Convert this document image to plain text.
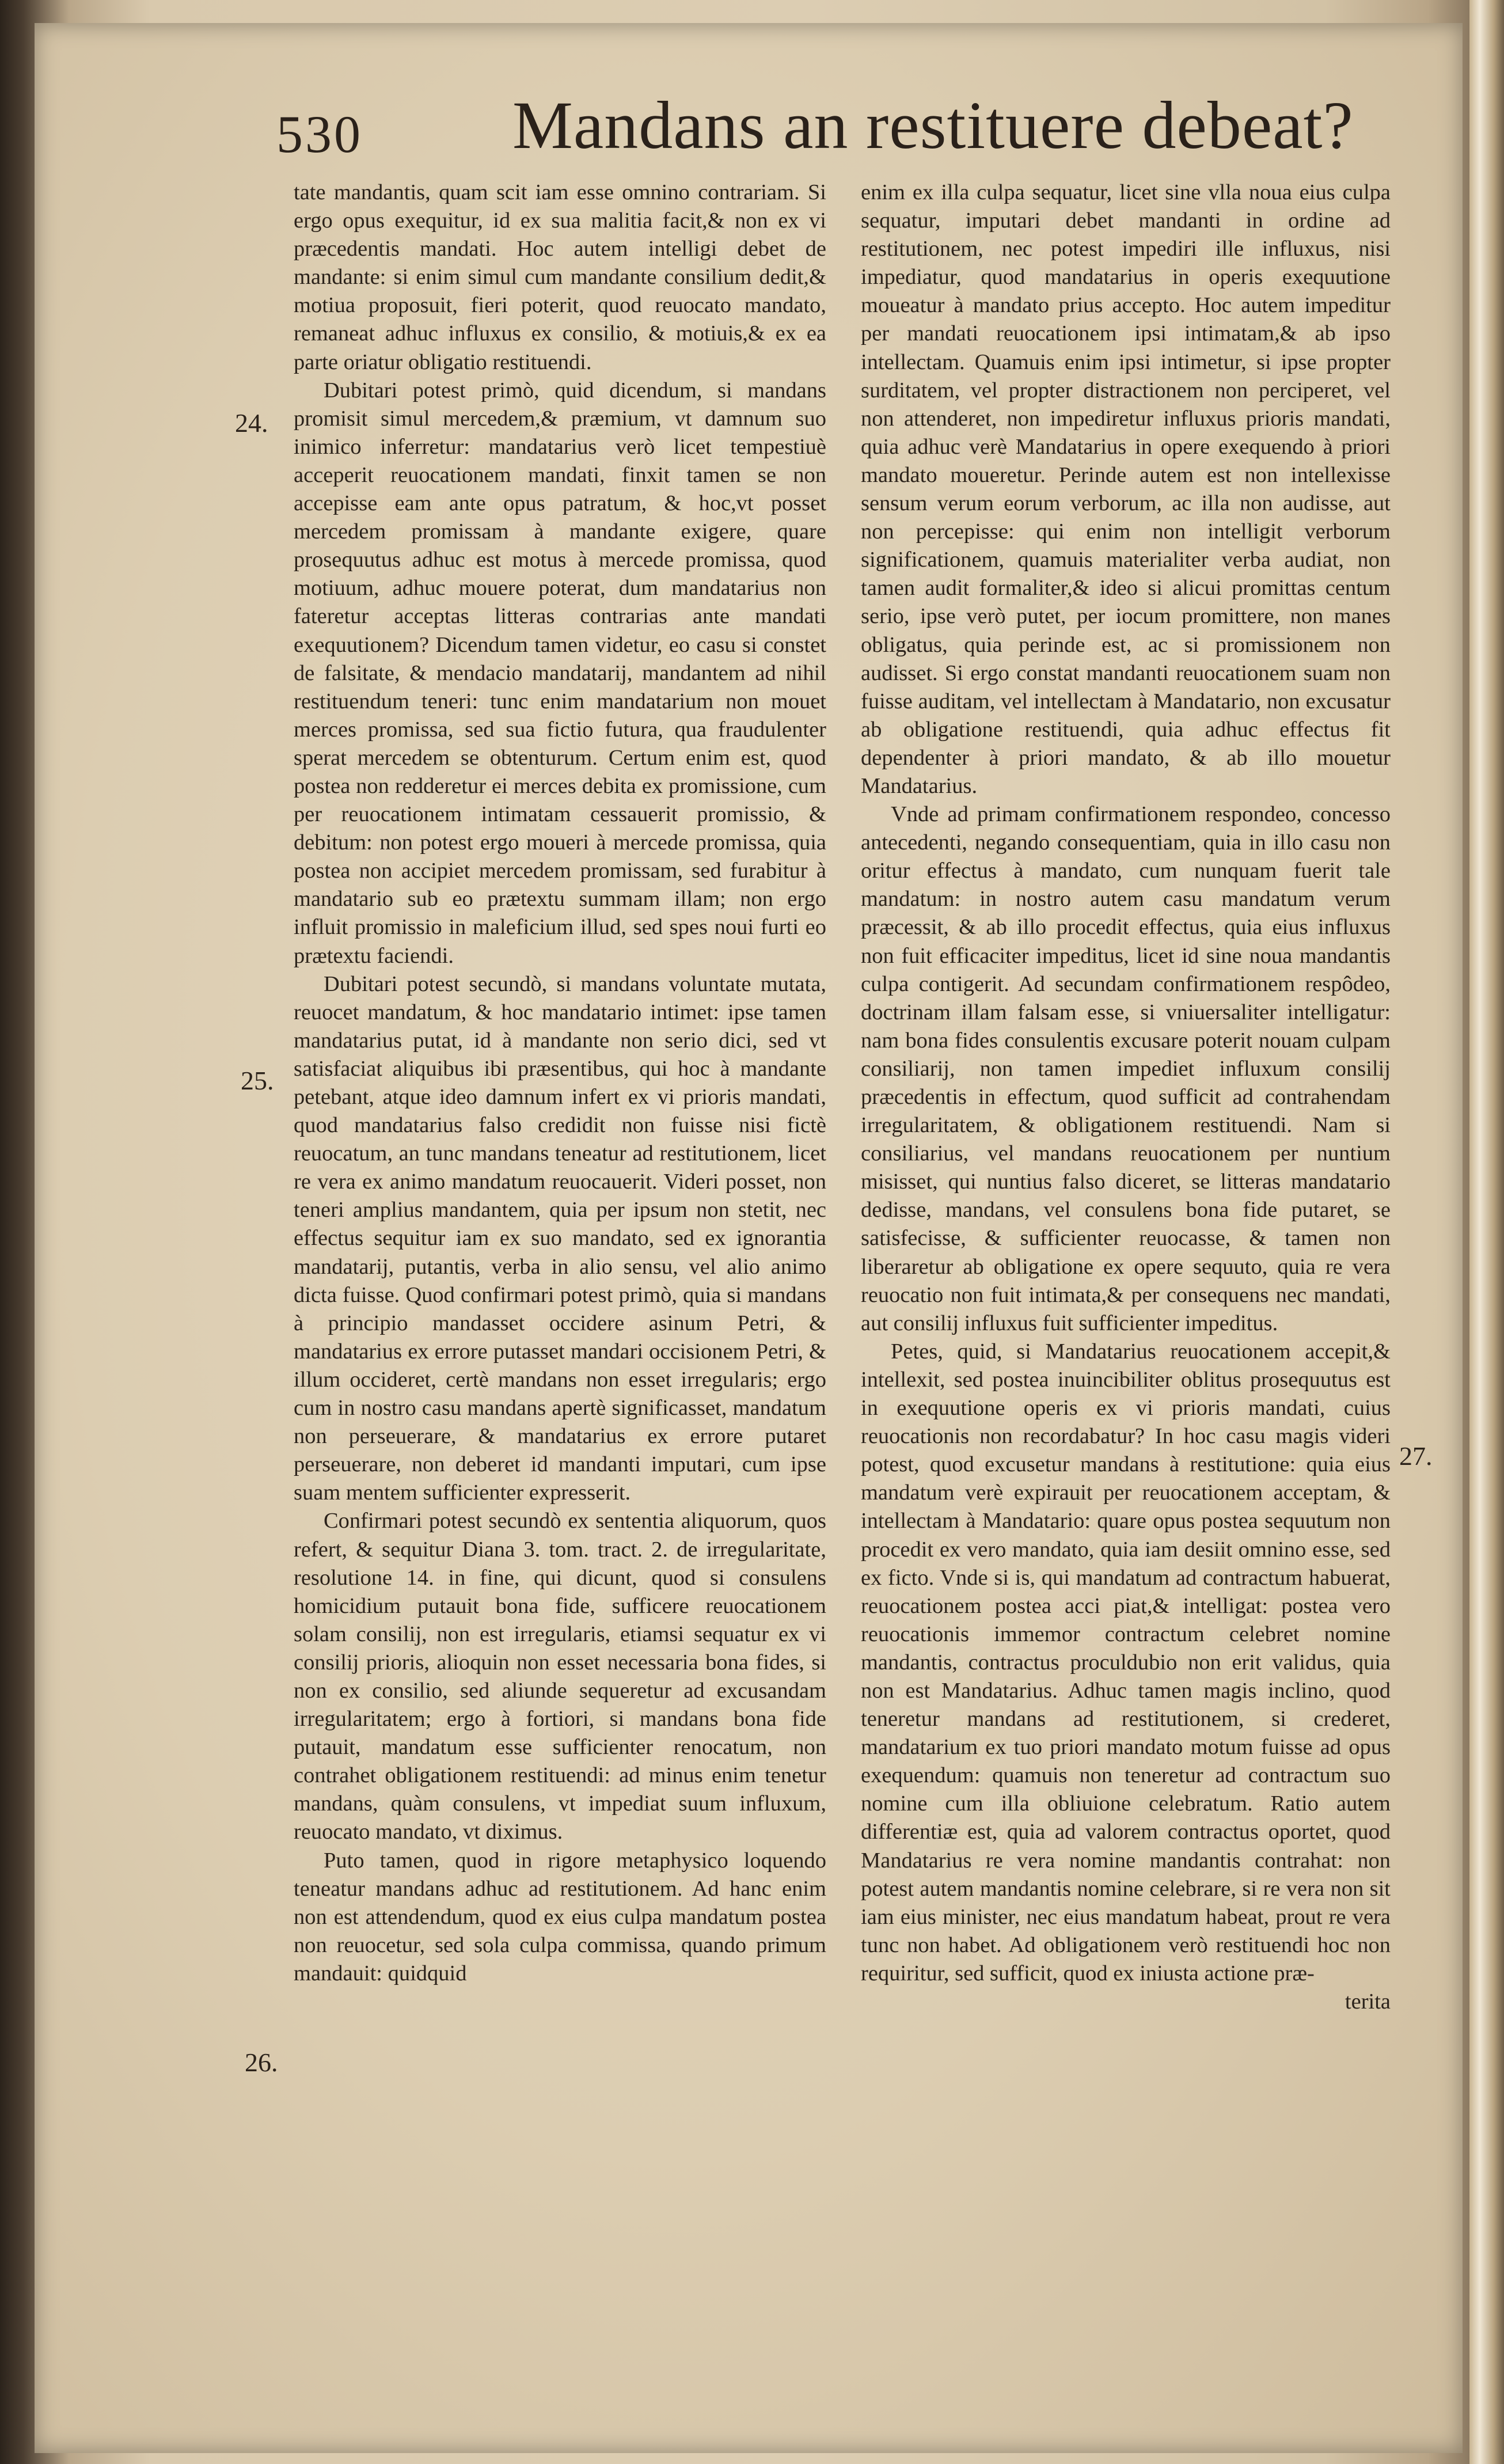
530 Mandans an restituere debeat?
24.
25.
26.
27.

tate mandantis, quam scit iam esse omnino contrariam. Si ergo opus exequitur, id ex sua malitia facit,& non ex vi præcedentis mandati. Hoc autem intelligi debet de mandante: si enim simul cum mandante consilium dedit,& motiua proposuit, fieri poterit, quod reuocato mandato, remaneat adhuc influxus ex consilio, & motiuis,& ex ea parte oriatur obligatio restituendi.

Dubitari potest primò, quid dicendum, si mandans promisit simul mercedem,& præmium, vt damnum suo inimico inferretur: mandatarius verò licet tempestiuè acceperit reuocationem mandati, finxit tamen se non accepisse eam ante opus patratum, & hoc,vt posset mercedem promissam à mandante exigere, quare prosequutus adhuc est motus à mercede promissa, quod motiuum, adhuc mouere poterat, dum mandatarius non fateretur acceptas litteras contrarias ante mandati exequutionem? Dicendum tamen videtur, eo casu si constet de falsitate, & mendacio mandatarij, mandantem ad nihil restituendum teneri: tunc enim mandatarium non mouet merces promissa, sed sua fictio futura, qua fraudulenter sperat mercedem se obtenturum. Certum enim est, quod postea non redderetur ei merces debita ex promissione, cum per reuocationem intimatam cessauerit promissio, & debitum: non potest ergo moueri à mercede promissa, quia postea non accipiet mercedem promissam, sed furabitur à mandatario sub eo prætextu summam illam; non ergo influit promissio in maleficium illud, sed spes noui furti eo prætextu faciendi.

Dubitari potest secundò, si mandans voluntate mutata, reuocet mandatum, & hoc mandatario intimet: ipse tamen mandatarius putat, id à mandante non serio dici, sed vt satisfaciat aliquibus ibi præsentibus, qui hoc à mandante petebant, atque ideo damnum infert ex vi prioris mandati, quod mandatarius falso credidit non fuisse nisi fictè reuocatum, an tunc mandans teneatur ad restitutionem, licet re vera ex animo mandatum reuocauerit. Videri posset, non teneri amplius mandantem, quia per ipsum non stetit, nec effectus sequitur iam ex suo mandato, sed ex ignorantia mandatarij, putantis, verba in alio sensu, vel alio animo dicta fuisse. Quod confirmari potest primò, quia si mandans à principio mandasset occidere asinum Petri, & mandatarius ex errore putasset mandari occisionem Petri, & illum occideret, certè mandans non esset irregularis; ergo cum in nostro casu mandans apertè significasset, mandatum non perseuerare, & mandatarius ex errore putaret perseuerare, non deberet id mandanti imputari, cum ipse suam mentem sufficienter expresserit.

Confirmari potest secundò ex sententia aliquorum, quos refert, & sequitur Diana 3. tom. tract. 2. de irregularitate, resolutione 14. in fine, qui dicunt, quod si consulens homicidium putauit bona fide, sufficere reuocationem solam consilij, non est irregularis, etiamsi sequatur ex vi consilij prioris, alioquin non esset necessaria bona fides, si non ex consilio, sed aliunde sequeretur ad excusandam irregularitatem; ergo à fortiori, si mandans bona fide putauit, mandatum esse sufficienter renocatum, non contrahet obligationem restituendi: ad minus enim tenetur mandans, quàm consulens, vt impediat suum influxum, reuocato mandato, vt diximus.

Puto tamen, quod in rigore metaphysico loquendo teneatur mandans adhuc ad restitutionem. Ad hanc enim non est attendendum, quod ex eius culpa mandatum postea non reuocetur, sed sola culpa commissa, quando primum mandauit: quidquid

enim ex illa culpa sequatur, licet sine vlla noua eius culpa sequatur, imputari debet mandanti in ordine ad restitutionem, nec potest impediri ille influxus, nisi impediatur, quod mandatarius in operis exequutione moueatur à mandato prius accepto. Hoc autem impeditur per mandati reuocationem ipsi intimatam,& ab ipso intellectam. Quamuis enim ipsi intimetur, si ipse propter surditatem, vel propter distractionem non perciperet, vel non attenderet, non impediretur influxus prioris mandati, quia adhuc verè Mandatarius in opere exequendo à priori mandato moueretur. Perinde autem est non intellexisse sensum verum eorum verborum, ac illa non audisse, aut non percepisse: qui enim non intelligit verborum significationem, quamuis materialiter verba audiat, non tamen audit formaliter,& ideo si alicui promittas centum serio, ipse verò putet, per iocum promittere, non manes obligatus, quia perinde est, ac si promissionem non audisset. Si ergo constat mandanti reuocationem suam non fuisse auditam, vel intellectam à Mandatario, non excusatur ab obligatione restituendi, quia adhuc effectus fit dependenter à priori mandato, & ab illo mouetur Mandatarius.

Vnde ad primam confirmationem respondeo, concesso antecedenti, negando consequentiam, quia in illo casu non oritur effectus à mandato, cum nunquam fuerit tale mandatum: in nostro autem casu mandatum verum præcessit, & ab illo procedit effectus, quia eius influxus non fuit efficaciter impeditus, licet id sine noua mandantis culpa contigerit. Ad secundam confirmationem respôdeo, doctrinam illam falsam esse, si vniuersaliter intelligatur: nam bona fides consulentis excusare poterit nouam culpam consiliarij, non tamen impediet influxum consilij præcedentis in effectum, quod sufficit ad contrahendam irregularitatem, & obligationem restituendi. Nam si consiliarius, vel mandans reuocationem per nuntium misisset, qui nuntius falso diceret, se litteras mandatario dedisse, mandans, vel consulens bona fide putaret, se satisfecisse, & sufficienter reuocasse, & tamen non liberaretur ab obligatione ex opere sequuto, quia re vera reuocatio non fuit intimata,& per consequens nec mandati, aut consilij influxus fuit sufficienter impeditus.

Petes, quid, si Mandatarius reuocationem accepit,& intellexit, sed postea inuincibiliter oblitus prosequutus est in exequutione operis ex vi prioris mandati, cuius reuocationis non recordabatur? In hoc casu magis videri potest, quod excusetur mandans à restitutione: quia eius mandatum verè expirauit per reuocationem acceptam, & intellectam à Mandatario: quare opus postea sequutum non procedit ex vero mandato, quia iam desiit omnino esse, sed ex ficto. Vnde si is, qui mandatum ad contractum habuerat, reuocationem postea acci piat,& intelligat: postea vero reuocationis immemor contractum celebret nomine mandantis, contractus proculdubio non erit validus, quia non est Mandatarius. Adhuc tamen magis inclino, quod teneretur mandans ad restitutionem, si crederet, mandatarium ex tuo priori mandato motum fuisse ad opus exequendum: quamuis non teneretur ad contractum suo nomine cum illa obliuione celebratum. Ratio autem differentiæ est, quia ad valorem contractus oportet, quod Mandatarius re vera nomine mandantis contrahat: non potest autem mandantis nomine celebrare, si re vera non sit iam eius minister, nec eius mandatum habeat, prout re vera tunc non habet. Ad obligationem verò restituendi hoc non requiritur, sed sufficit, quod ex iniusta actione præ-

terita
